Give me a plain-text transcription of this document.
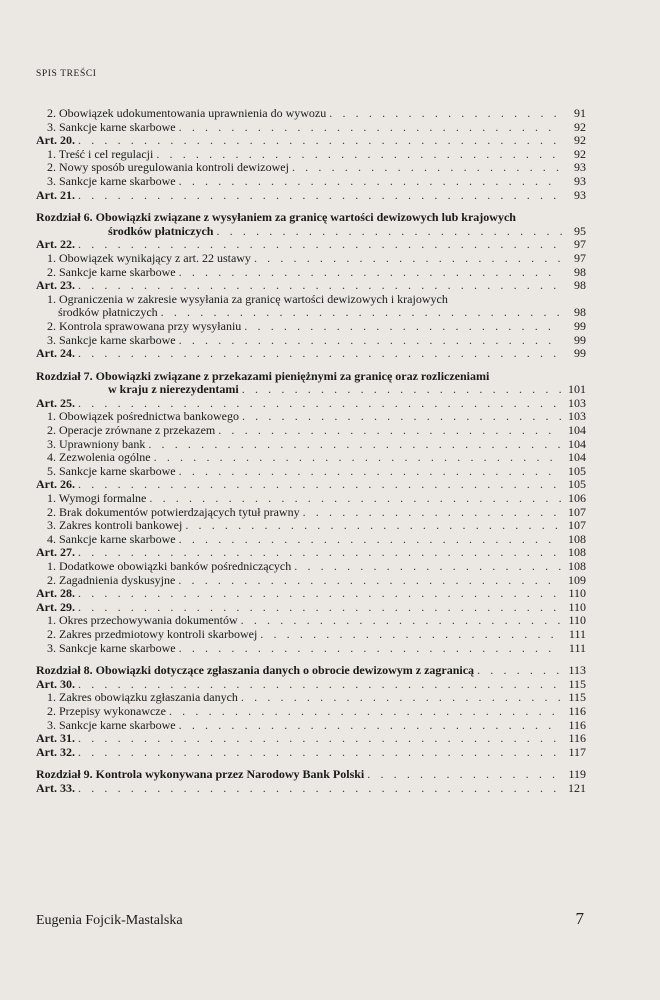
SPIS TREŚCI
2. Obowiązek udokumentowania uprawnienia do wywozu . . .	91
3. Sankcje karne skarbowe . . .	92
Art. 20. . . .	92
1. Treść i cel regulacji . . .	92
2. Nowy sposób uregulowania kontroli dewizowej . . .	93
3. Sankcje karne skarbowe . . .	93
Art. 21. . . .	93
Rozdział 6. Obowiązki związane z wysyłaniem za granicę wartości dewizowych lub krajowych
środków płatniczych . . .	95
Art. 22. . . .	97
1. Obowiązek wynikający z art. 22 ustawy . . .	97
2. Sankcje karne skarbowe . . .	98
Art. 23. . . .	98
1. Ograniczenia w zakresie wysyłania za granicę wartości dewizowych i krajowych
środków płatniczych . . .	98
2. Kontrola sprawowana przy wysyłaniu . . .	99
3. Sankcje karne skarbowe . . .	99
Art. 24. . . .	99
Rozdział 7. Obowiązki związane z przekazami pieniężnymi za granicę oraz rozliczeniami
w kraju z nierezydentami . . .	101
Art. 25. . . .	103
1. Obowiązek pośrednictwa bankowego . . .	103
2. Operacje zrównane z przekazem . . .	104
3. Uprawniony bank . . .	104
4. Zezwolenia ogólne . . .	104
5. Sankcje karne skarbowe . . .	105
Art. 26. . . .	105
1. Wymogi formalne . . .	106
2. Brak dokumentów potwierdzających tytuł prawny . . .	107
3. Zakres kontroli bankowej . . .	107
4. Sankcje karne skarbowe . . .	108
Art. 27. . . .	108
1. Dodatkowe obowiązki banków pośredniczących . . .	108
2. Zagadnienia dyskusyjne . . .	109
Art. 28. . . .	110
Art. 29. . . .	110
1. Okres przechowywania dokumentów . . .	110
2. Zakres przedmiotowy kontroli skarbowej . . .	111
3. Sankcje karne skarbowe . . .	111
Rozdział 8. Obowiązki dotyczące zgłaszania danych o obrocie dewizowym z zagranicą . . .	113
Art. 30. . . .	115
1. Zakres obowiązku zgłaszania danych . . .	115
2. Przepisy wykonawcze . . .	116
3. Sankcje karne skarbowe . . .	116
Art. 31. . . .	116
Art. 32. . . .	117
Rozdział 9. Kontrola wykonywana przez Narodowy Bank Polski . . .	119
Art. 33. . . .	121
Eugenia Fojcik-Mastalska	7
